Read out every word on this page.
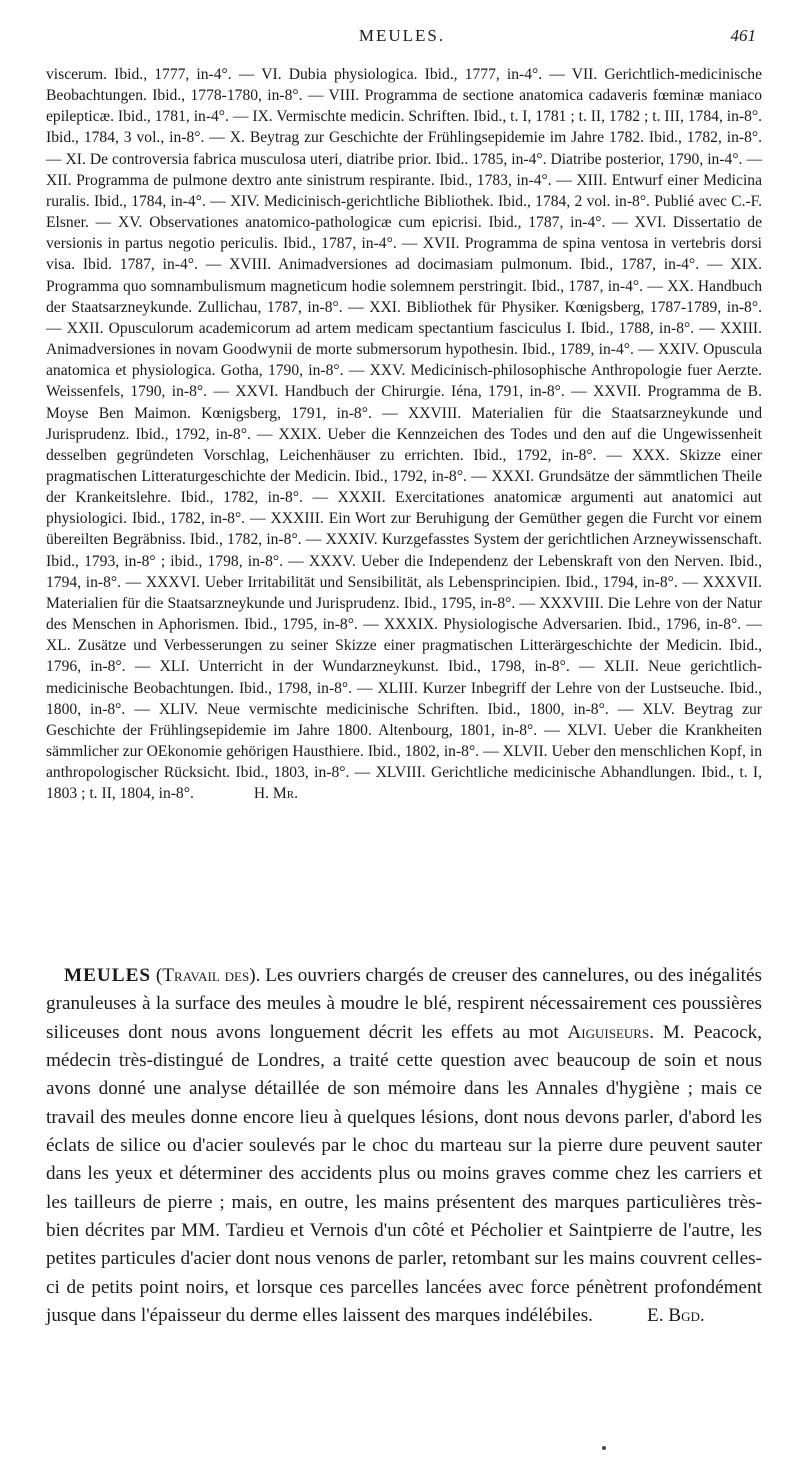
MEULES.	461
viscerum. Ibid., 1777, in-4°. — VI. Dubia physiologica. Ibid., 1777, in-4°. — VII. Gerichtlich-medicinische Beobachtungen. Ibid., 1778-1780, in-8°. — VIII. Programma de sectione anatomica cadaveris fœminæ maniaco epilepticæ. Ibid., 1781, in-4°. — IX. Vermischte medicin. Schriften. Ibid., t. I, 1781 ; t. II, 1782 ; t. III, 1784, in-8°. Ibid., 1784, 3 vol., in-8°. — X. Beytrag zur Geschichte der Frühlingsepidemie im Jahre 1782. Ibid., 1782, in-8°. — XI. De controversia fabrica musculosa uteri, diatribe prior. Ibid.. 1785, in-4°. Diatribe posterior, 1790, in-4°. — XII. Programma de pulmone dextro ante sinistrum respirante. Ibid., 1783, in-4°. — XIII. Entwurf einer Medicina ruralis. Ibid., 1784, in-4°. — XIV. Medicinisch-gerichtliche Bibliothek. Ibid., 1784, 2 vol. in-8°. Publié avec C.-F. Elsner. — XV. Observationes anatomico-pathologicæ cum epicrisi. Ibid., 1787, in-4°. — XVI. Dissertatio de versionis in partus negotio periculis. Ibid., 1787, in-4°. — XVII. Programma de spina ventosa in vertebris dorsi visa. Ibid. 1787, in-4°. — XVIII. Animadversiones ad docimasiam pulmonum. Ibid., 1787, in-4°. — XIX. Programma quo somnambulismum magneticum hodie solemnem perstringit. Ibid., 1787, in-4°. — XX. Handbuch der Staatsarzneykunde. Zullichau, 1787, in-8°. — XXI. Bibliothek für Physiker. Kœnigsberg, 1787-1789, in-8°. — XXII. Opusculorum academicorum ad artem medicam spectantium fasciculus I. Ibid., 1788, in-8°. — XXIII. Animadversiones in novam Goodwynii de morte submersorum hypothesin. Ibid., 1789, in-4°. — XXIV. Opuscula anatomica et physiologica. Gotha, 1790, in-8°. — XXV. Medicinisch-philosophische Anthropologie fuer Aerzte. Weissenfels, 1790, in-8°. — XXVI. Handbuch der Chirurgie. Iéna, 1791, in-8°. — XXVII. Programma de B. Moyse Ben Maimon. Kœnigsberg, 1791, in-8°. — XXVIII. Materialien für die Staatsarzneykunde und Jurisprudenz. Ibid., 1792, in-8°. — XXIX. Ueber die Kennzeichen des Todes und den auf die Ungewissenheit desselben gegründeten Vorschlag, Leichenhäuser zu errichten. Ibid., 1792, in-8°. — XXX. Skizze einer pragmatischen Litteraturgeschichte der Medicin. Ibid., 1792, in-8°. — XXXI. Grundsätze der sämmtlichen Theile der Krankeitslehre. Ibid., 1782, in-8°. — XXXII. Exercitationes anatomicæ argumenti aut anatomici aut physiologici. Ibid., 1782, in-8°. — XXXIII. Ein Wort zur Beruhigung der Gemüther gegen die Furcht vor einem übereilten Begräbniss. Ibid., 1782, in-8°. — XXXIV. Kurzgefasstes System der gerichtlichen Arzneywissenschaft. Ibid., 1793, in-8° ; ibid., 1798, in-8°. — XXXV. Ueber die Independenz der Lebenskraft von den Nerven. Ibid., 1794, in-8°. — XXXVI. Ueber Irritabilität und Sensibilität, als Lebensprincipien. Ibid., 1794, in-8°. — XXXVII. Materialien für die Staatsarzneykunde und Jurisprudenz. Ibid., 1795, in-8°. — XXXVIII. Die Lehre von der Natur des Menschen in Aphorismen. Ibid., 1795, in-8°. — XXXIX. Physiologische Adversarien. Ibid., 1796, in-8°. — XL. Zusätze und Verbesserungen zu seiner Skizze einer pragmatischen Litterärgeschichte der Medicin. Ibid., 1796, in-8°. — XLI. Unterricht in der Wundarzneykunst. Ibid., 1798, in-8°. — XLII. Neue gerichtlich-medicinische Beobachtungen. Ibid., 1798, in-8°. — XLIII. Kurzer Inbegriff der Lehre von der Lustseuche. Ibid., 1800, in-8°. — XLIV. Neue vermischte medicinische Schriften. Ibid., 1800, in-8°. — XLV. Beytrag zur Geschichte der Frühlingsepidemie im Jahre 1800. Altenbourg, 1801, in-8°. — XLVI. Ueber die Krankheiten sämmlicher zur OEkonomie gehörigen Hausthiere. Ibid., 1802, in-8°. — XLVII. Ueber den menschlichen Kopf, in anthropologischer Rücksicht. Ibid., 1803, in-8°. — XLVIII. Gerichtliche medicinische Abhandlungen. Ibid., t. I, 1803 ; t. II, 1804, in-8°.	H. Mr.
MEULES (Travail des). Les ouvriers chargés de creuser des cannelures, ou des inégalités granuleuses à la surface des meules à moudre le blé, respirent nécessairement ces poussières siliceuses dont nous avons longuement décrit les effets au mot Aiguiseurs. M. Peacock, médecin très-distingué de Londres, a traité cette question avec beaucoup de soin et nous avons donné une analyse détaillée de son mémoire dans les Annales d'hygiène ; mais ce travail des meules donne encore lieu à quelques lésions, dont nous devons parler, d'abord les éclats de silice ou d'acier soulevés par le choc du marteau sur la pierre dure peuvent sauter dans les yeux et déterminer des accidents plus ou moins graves comme chez les carriers et les tailleurs de pierre ; mais, en outre, les mains présentent des marques particulières très-bien décrites par MM. Tardieu et Vernois d'un côté et Pécholier et Saintpierre de l'autre, les petites particules d'acier dont nous venons de parler, retombant sur les mains couvrent celles-ci de petits point noirs, et lorsque ces parcelles lancées avec force pénètrent profondément jusque dans l'épaisseur du derme elles laissent des marques indélébiles.	E. Bgd.
